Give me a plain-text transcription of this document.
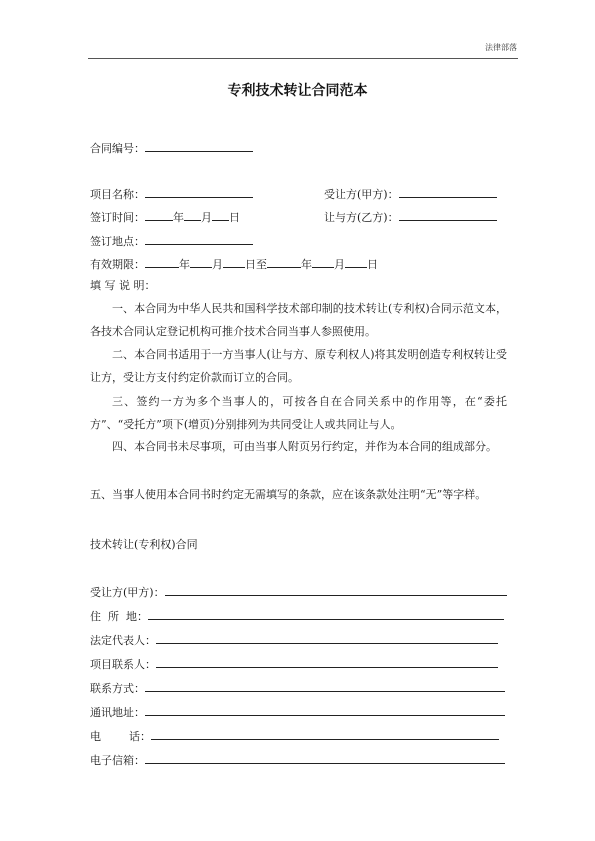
法律部落
专利技术转让合同范本
合同编号：
项目名称：	受让方(甲方)：
签订时间：	年 月 日	让与方(乙方)：
签订地点：
有效期限：	年 月 日至	年 月 日
填 写 说 明：
一、本合同为中华人民共和国科学技术部印制的技术转让(专利权)合同示范文本，各技术合同认定登记机构可推介技术合同当事人参照使用。
二、本合同书适用于一方当事人(让与方、原专利权人)将其发明创造专利权转让受让方，受让方支付约定价款而订立的合同。
三、签约一方为多个当事人的，可按各自在合同关系中的作用等，在“委托方”、“受托方”项下(增页)分别排列为共同受让人或共同让与人。
四、本合同书未尽事项，可由当事人附页另行约定，并作为本合同的组成部分。
五、当事人使用本合同书时约定无需填写的条款，应在该条款处注明“无”等字样。
技术转让(专利权)合同
受让方(甲方)：
住  所  地：
法定代表人：
项目联系人：
联系方式：
通讯地址：
电        话：
电子信箱：
